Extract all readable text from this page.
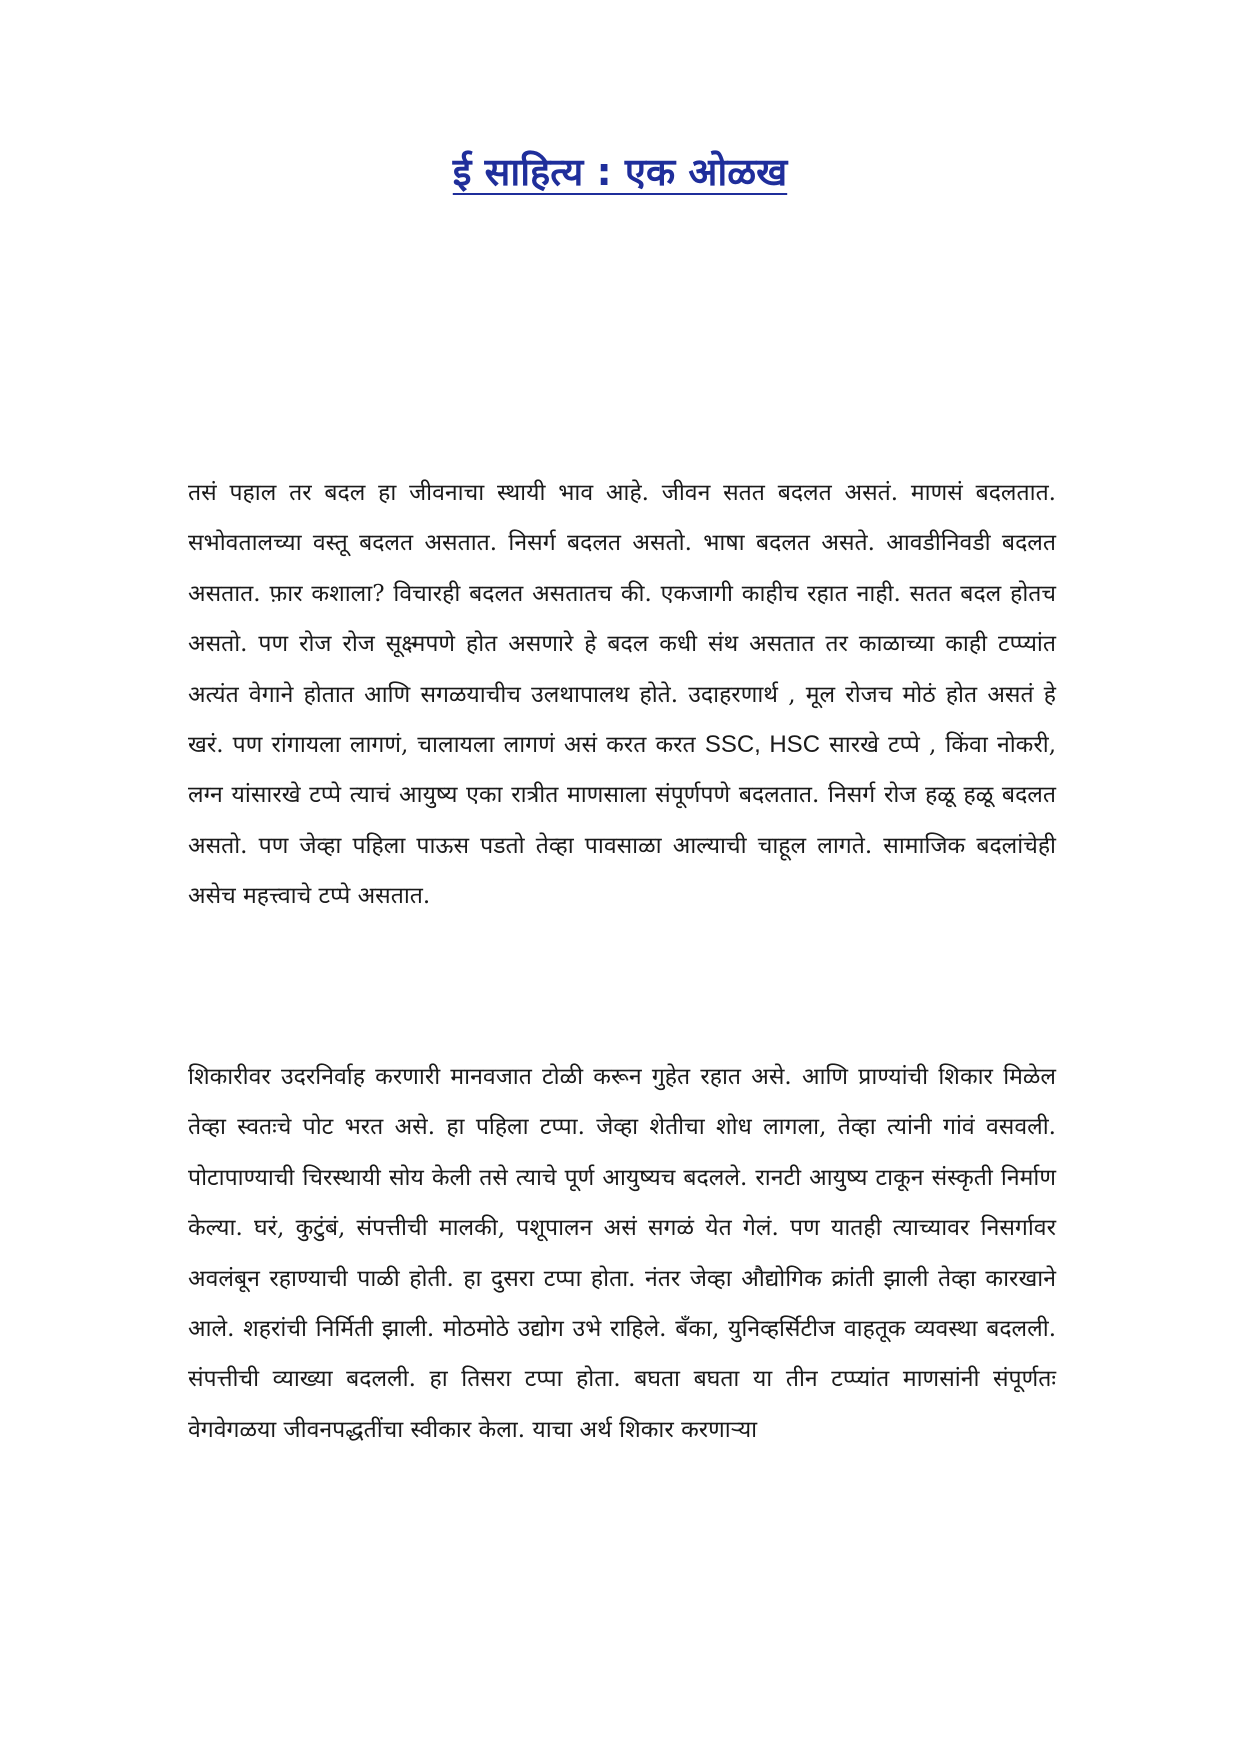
ई साहित्य : एक ओळख

तसं पहाल तर बदल हा जीवनाचा स्थायी भाव आहे. जीवन सतत बदलत असतं. माणसं बदलतात. सभोवतालच्या वस्तू बदलत असतात. निसर्ग बदलत असतो. भाषा बदलत असते. आवडीनिवडी बदलत असतात. फ़ार कशाला? विचारही बदलत असतातच की. एकजागी काहीच रहात नाही. सतत बदल होतच असतो. पण रोज रोज सूक्ष्मपणे होत असणारे हे बदल कधी संथ असतात तर काळाच्या काही टप्प्यांत अत्यंत वेगाने होतात आणि सगळयाचीच उलथापालथ होते. उदाहरणार्थ , मूल रोजच मोठं होत असतं हे खरं. पण रांगायला लागणं, चालायला लागणं असं करत करत SSC, HSC सारखे टप्पे , किंवा नोकरी, लग्न यांसारखे टप्पे त्याचं आयुष्य एका रात्रीत माणसाला संपूर्णपणे बदलतात. निसर्ग रोज हळू हळू बदलत असतो. पण जेव्हा पहिला पाऊस पडतो तेव्हा पावसाळा आल्याची चाहूल लागते. सामाजिक बदलांचेही असेच महत्त्वाचे टप्पे असतात.

शिकारीवर उदरनिर्वाह करणारी मानवजात टोळी करून गुहेत रहात असे. आणि प्राण्यांची शिकार मिळेल तेव्हा स्वतःचे पोट भरत असे. हा पहिला टप्पा. जेव्हा शेतीचा शोध लागला, तेव्हा त्यांनी गांवं वसवली. पोटापाण्याची चिरस्थायी सोय केली तसे त्याचे पूर्ण आयुष्यच बदलले. रानटी आयुष्य टाकून संस्कृती निर्माण केल्या. घरं, कुटुंबं, संपत्तीची मालकी, पशूपालन असं सगळं येत गेलं. पण यातही त्याच्यावर निसर्गावर अवलंबून रहाण्याची पाळी होती. हा दुसरा टप्पा होता. नंतर जेव्हा औद्योगिक क्रांती झाली तेव्हा कारखाने आले. शहरांची निर्मिती झाली. मोठमोठे उद्योग उभे राहिले. बँका, युनिव्हर्सिटीज वाहतूक व्यवस्था बदलली. संपत्तीची व्याख्या बदलली. हा तिसरा टप्पा होता. बघता बघता या तीन टप्प्यांत माणसांनी संपूर्णतः वेगवेगळया जीवनपद्धतींचा स्वीकार केला. याचा अर्थ शिकार करणाऱ्या
